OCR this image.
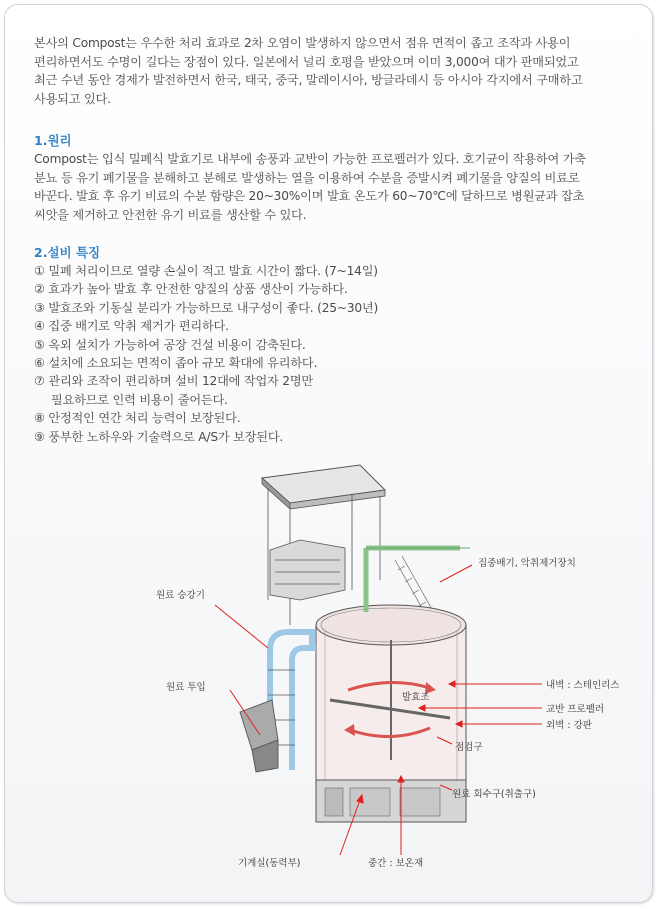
본사의 Compost는 우수한 처리 효과로 2차 오염이 발생하지 않으면서 점유 면적이 좁고 조작과 사용이
편리하면서도 수명이 길다는 장점이 있다. 일본에서 널리 호평을 받았으며 이미 3,000여 대가 판매되었고
최근 수년 동안 경제가 발전하면서 한국, 태국, 중국, 말레이시아, 방글라데시 등 아시아 각지에서 구매하고
사용되고 있다.
1.원리
Compost는 입식 밀폐식 발효기로 내부에 송풍과 교반이 가능한 프로펠러가 있다. 호기균이 작용하여 가축
분뇨 등 유기 폐기물을 분해하고 분해로 발생하는 열을 이용하여 수분을 증발시켜 폐기물을 양질의 비료로
바꾼다. 발효 후 유기 비료의 수분 함량은 20~30%이며 발효 온도가 60~70℃에 달하므로 병원균과 잡초
씨앗을 제거하고 안전한 유기 비료를 생산할 수 있다.
2.설비 특징
① 밀폐 처리이므로 열량 손실이 적고 발효 시간이 짧다. (7~14일)
② 효과가 높아 발효 후 안전한 양질의 상품 생산이 가능하다.
③ 발효조와 기동실 분리가 가능하므로 내구성이 좋다. (25~30년)
④ 집중 배기로 악취 제거가 편리하다.
⑤ 옥외 설치가 가능하여 공장 건설 비용이 감축된다.
⑥ 설치에 소요되는 면적이 좁아 규모 확대에 유리하다.
⑦ 관리와 조작이 편리하며 설비 12대에 작업자 2명만
필요하므로 인력 비용이 줄어든다.
⑧ 안정적인 연간 처리 능력이 보장된다.
⑨ 풍부한 노하우와 기술력으로 A/S가 보장된다.
집중배기, 악취제거장치
원료 승강기
원료 투입
발효조
내벽 : 스테인리스
교반 프로펠러
외벽 : 강판
점검구
원료 회수구(취출구)
기계실(동력부)	중간 : 보온재
